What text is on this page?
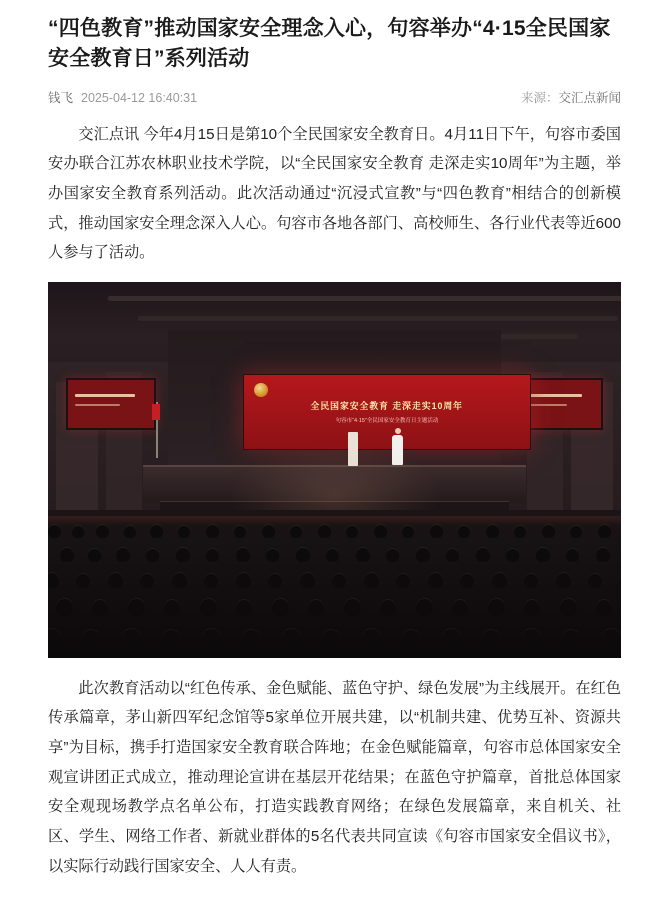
“四色教育”推动国家安全理念入心，句容举办“4·15全民国家安全教育日”系列活动
钱飞 2025-04-12 16:40:31	来源：交汇点新闻

交汇点讯 今年4月15日是第10个全民国家安全教育日。4月11日下午，句容市委国安办联合江苏农林职业技术学院，以“全民国家安全教育 走深走实10周年”为主题，举办国家安全教育系列活动。此次活动通过“沉浸式宣教”与“四色教育”相结合的创新模式，推动国家安全理念深入人心。句容市各地各部门、高校师生、各行业代表等近600人参与了活动。

全民国家安全教育 走深走实10周年
句容市“4·15”全民国家安全教育日主题活动

此次教育活动以“红色传承、金色赋能、蓝色守护、绿色发展”为主线展开。在红色传承篇章，茅山新四军纪念馆等5家单位开展共建，以“机制共建、优势互补、资源共享”为目标，携手打造国家安全教育联合阵地；在金色赋能篇章，句容市总体国家安全观宣讲团正式成立，推动理论宣讲在基层开花结果；在蓝色守护篇章，首批总体国家安全观现场教学点名单公布，打造实践教育网络；在绿色发展篇章，来自机关、社区、学生、网络工作者、新就业群体的5名代表共同宣读《句容市国家安全倡议书》，以实际行动践行国家安全、人人有责。
